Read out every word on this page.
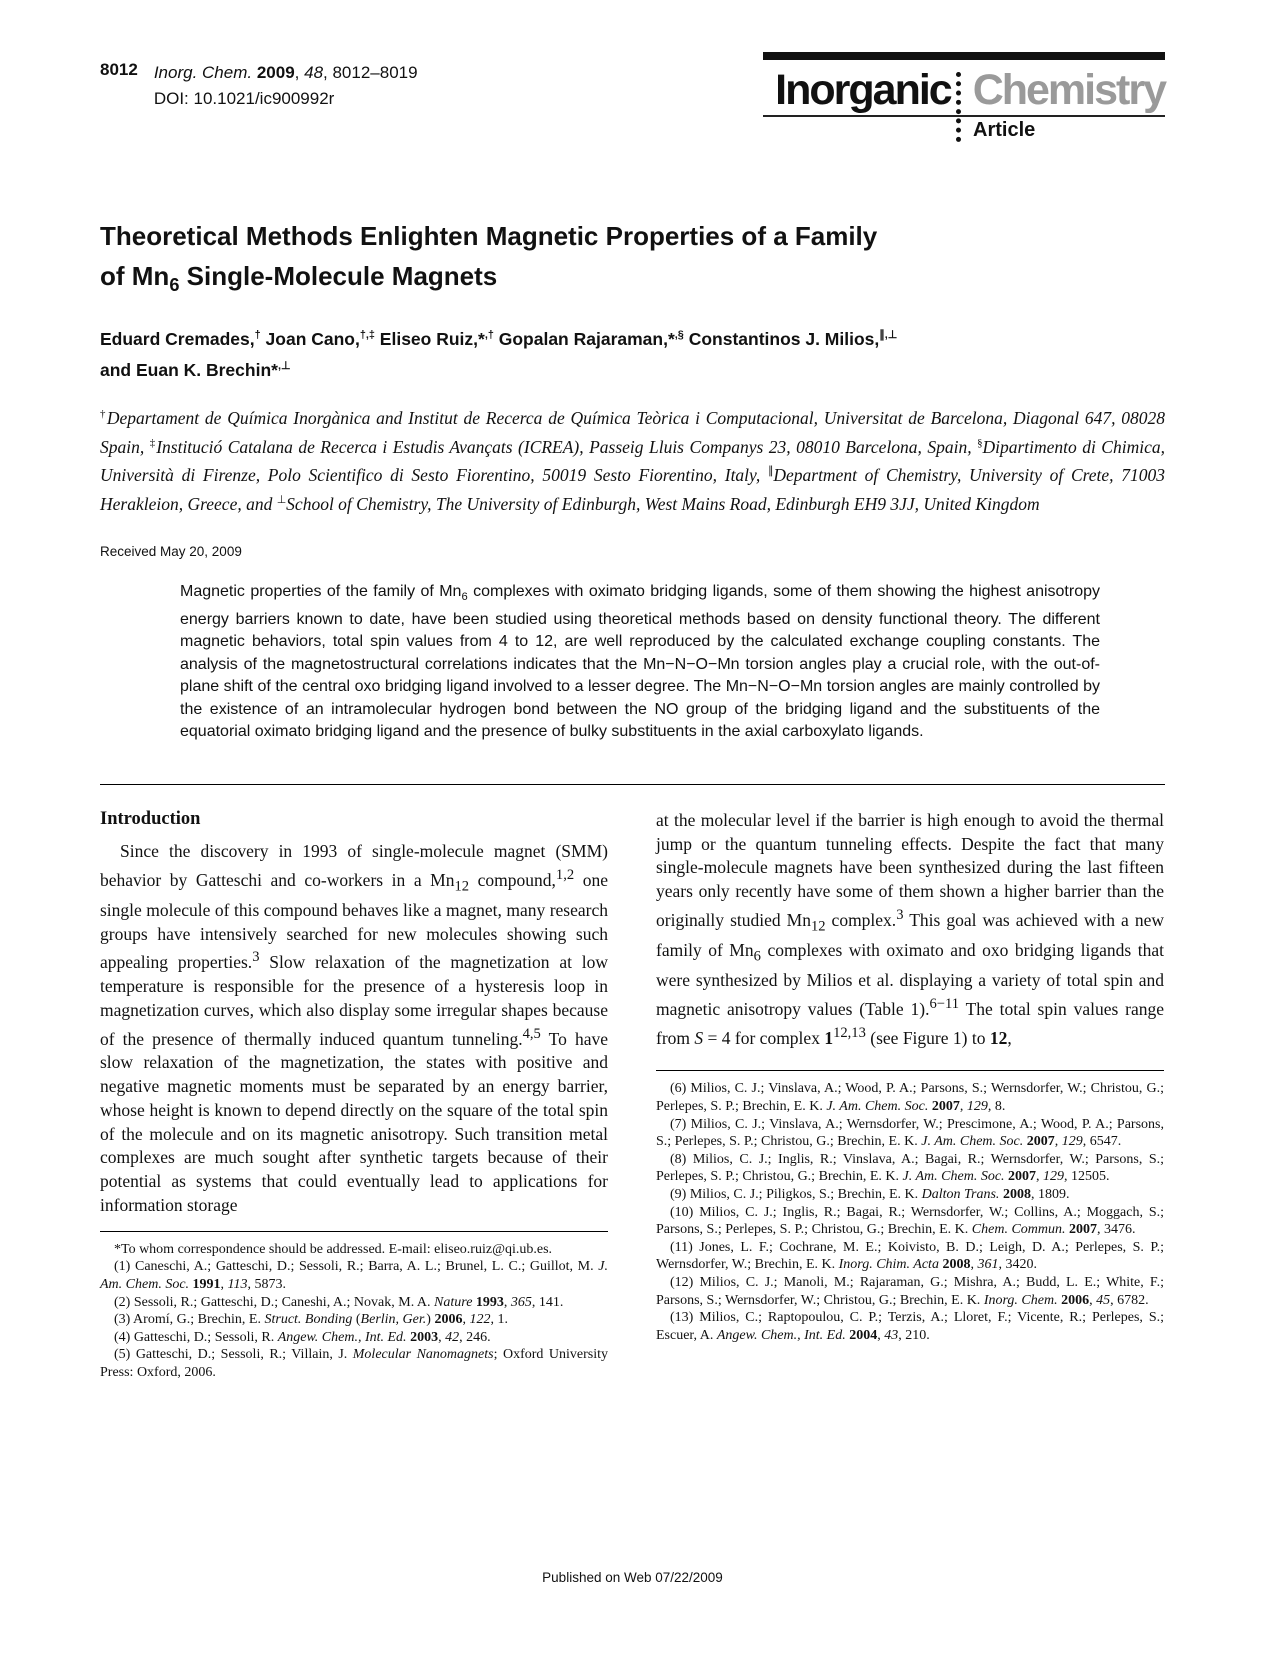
8012 Inorg. Chem. 2009, 48, 8012–8019
DOI: 10.1021/ic900992r	Inorganic Chemistry
Article
Theoretical Methods Enlighten Magnetic Properties of a Family of $Mn_6$ Single-Molecule Magnets
Eduard Cremades,† Joan Cano,†,‡ Eliseo Ruiz,*,† Gopalan Rajaraman,*,§ Constantinos J. Milios,∥,⊥ and Euan K. Brechin*,⊥
†Departament de Química Inorgànica and Institut de Recerca de Química Teòrica i Computacional, Universitat de Barcelona, Diagonal 647, 08028 Spain, ‡Institució Catalana de Recerca i Estudis Avançats (ICREA), Passeig Lluis Companys 23, 08010 Barcelona, Spain, §Dipartimento di Chimica, Università di Firenze, Polo Scientifico di Sesto Fiorentino, 50019 Sesto Fiorentino, Italy, ∥Department of Chemistry, University of Crete, 71003 Herakleion, Greece, and ⊥School of Chemistry, The University of Edinburgh, West Mains Road, Edinburgh EH9 3JJ, United Kingdom
Received May 20, 2009
Magnetic properties of the family of $Mn_6$ complexes with oximato bridging ligands, some of them showing the highest anisotropy energy barriers known to date, have been studied using theoretical methods based on density functional theory. The different magnetic behaviors, total spin values from 4 to 12, are well reproduced by the calculated exchange coupling constants. The analysis of the magnetostructural correlations indicates that the Mn−N−O−Mn torsion angles play a crucial role, with the out-of-plane shift of the central oxo bridging ligand involved to a lesser degree. The Mn−N−O−Mn torsion angles are mainly controlled by the existence of an intramolecular hydrogen bond between the NO group of the bridging ligand and the substituents of the equatorial oximato bridging ligand and the presence of bulky substituents in the axial carboxylato ligands.
Introduction

Since the discovery in 1993 of single-molecule magnet (SMM) behavior by Gatteschi and co-workers in a $Mn_{12}$ compound,$^{1,2}$ one single molecule of this compound behaves like a magnet, many research groups have intensively searched for new molecules showing such appealing properties.$^3$ Slow relaxation of the magnetization at low temperature is responsible for the presence of a hysteresis loop in magnetization curves, which also display some irregular shapes because of the presence of thermally induced quantum tunneling.$^{4,5}$ To have slow relaxation of the magnetization, the states with positive and negative magnetic moments must be separated by an energy barrier, whose height is known to depend directly on the square of the total spin of the molecule and on its magnetic anisotropy. Such transition metal complexes are much sought after synthetic targets because of their potential as systems that could eventually lead to applications for information storage

*To whom correspondence should be addressed. E-mail: eliseo.ruiz@qi.ub.es.

(1) Caneschi, A.; Gatteschi, D.; Sessoli, R.; Barra, A. L.; Brunel, L. C.; Guillot, M. J. Am. Chem. Soc. 1991, 113, 5873.

(2) Sessoli, R.; Gatteschi, D.; Caneshi, A.; Novak, M. A. Nature 1993, 365, 141.

(3) Aromí, G.; Brechin, E. Struct. Bonding (Berlin, Ger.) 2006, 122, 1.

(4) Gatteschi, D.; Sessoli, R. Angew. Chem., Int. Ed. 2003, 42, 246.

(5) Gatteschi, D.; Sessoli, R.; Villain, J. Molecular Nanomagnets; Oxford University Press: Oxford, 2006.

at the molecular level if the barrier is high enough to avoid the thermal jump or the quantum tunneling effects. Despite the fact that many single-molecule magnets have been synthesized during the last fifteen years only recently have some of them shown a higher barrier than the originally studied $Mn_{12}$ complex.$^3$ This goal was achieved with a new family of $Mn_6$ complexes with oximato and oxo bridging ligands that were synthesized by Milios et al. displaying a variety of total spin and magnetic anisotropy values (Table 1).$^{6-11}$ The total spin values range from S = 4 for complex 1$^{12,13}$ (see Figure 1) to 12,

(6) Milios, C. J.; Vinslava, A.; Wood, P. A.; Parsons, S.; Wernsdorfer, W.; Christou, G.; Perlepes, S. P.; Brechin, E. K. J. Am. Chem. Soc. 2007, 129, 8.

(7) Milios, C. J.; Vinslava, A.; Wernsdorfer, W.; Prescimone, A.; Wood, P. A.; Parsons, S.; Perlepes, S. P.; Christou, G.; Brechin, E. K. J. Am. Chem. Soc. 2007, 129, 6547.

(8) Milios, C. J.; Inglis, R.; Vinslava, A.; Bagai, R.; Wernsdorfer, W.; Parsons, S.; Perlepes, S. P.; Christou, G.; Brechin, E. K. J. Am. Chem. Soc. 2007, 129, 12505.

(9) Milios, C. J.; Piligkos, S.; Brechin, E. K. Dalton Trans. 2008, 1809.

(10) Milios, C. J.; Inglis, R.; Bagai, R.; Wernsdorfer, W.; Collins, A.; Moggach, S.; Parsons, S.; Perlepes, S. P.; Christou, G.; Brechin, E. K. Chem. Commun. 2007, 3476.

(11) Jones, L. F.; Cochrane, M. E.; Koivisto, B. D.; Leigh, D. A.; Perlepes, S. P.; Wernsdorfer, W.; Brechin, E. K. Inorg. Chim. Acta 2008, 361, 3420.

(12) Milios, C. J.; Manoli, M.; Rajaraman, G.; Mishra, A.; Budd, L. E.; White, F.; Parsons, S.; Wernsdorfer, W.; Christou, G.; Brechin, E. K. Inorg. Chem. 2006, 45, 6782.

(13) Milios, C.; Raptopoulou, C. P.; Terzis, A.; Lloret, F.; Vicente, R.; Perlepes, S.; Escuer, A. Angew. Chem., Int. Ed. 2004, 43, 210.

Published on Web 07/22/2009
